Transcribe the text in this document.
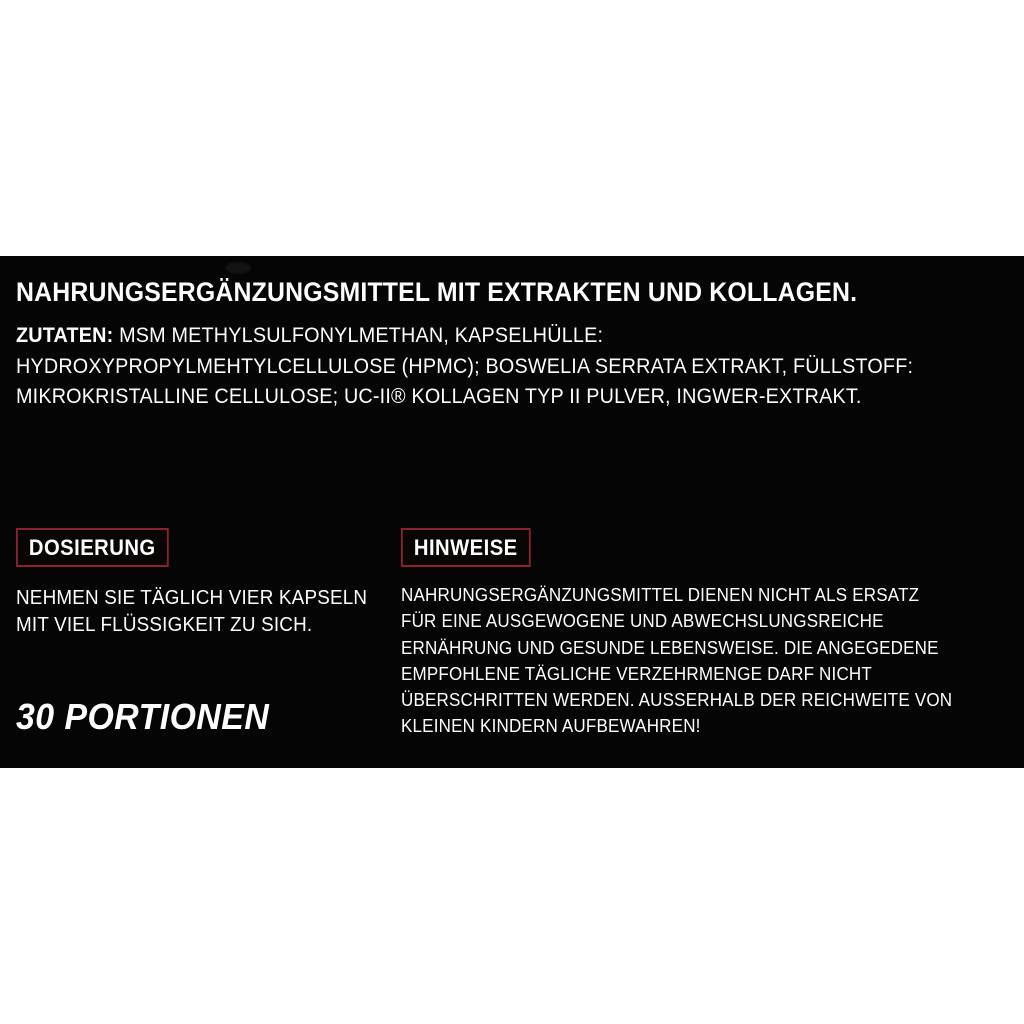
NAHRUNGSERGÄNZUNGSMITTEL MIT EXTRAKTEN UND KOLLAGEN.
ZUTATEN: MSM METHYLSULFONYLMETHAN, KAPSELHÜLLE: HYDROXYPROPYLMEHTYLCELLULOSE (HPMC); BOSWELIA SERRATA EXTRAKT, FÜLLSTOFF: MIKROKRISTALLINE CELLULOSE; UC-II® KOLLAGEN TYP II PULVER, INGWER-EXTRAKT.
DOSIERUNG
NEHMEN SIE TÄGLICH VIER KAPSELN MIT VIEL FLÜSSIGKEIT ZU SICH.
HINWEISE
NAHRUNGSERGÄNZUNGSMITTEL DIENEN NICHT ALS ERSATZ FÜR EINE AUSGEWOGENE UND ABWECHSLUNGSREICHE ERNÄHRUNG UND GESUNDE LEBENSWEISE. DIE ANGEGEDENE EMPFOHLENE TÄGLICHE VERZEHRMENGE DARF NICHT ÜBERSCHRITTEN WERDEN. AUSSERHALB DER REICHWEITE VON KLEINEN KINDERN AUFBEWAHREN!
30 PORTIONEN
